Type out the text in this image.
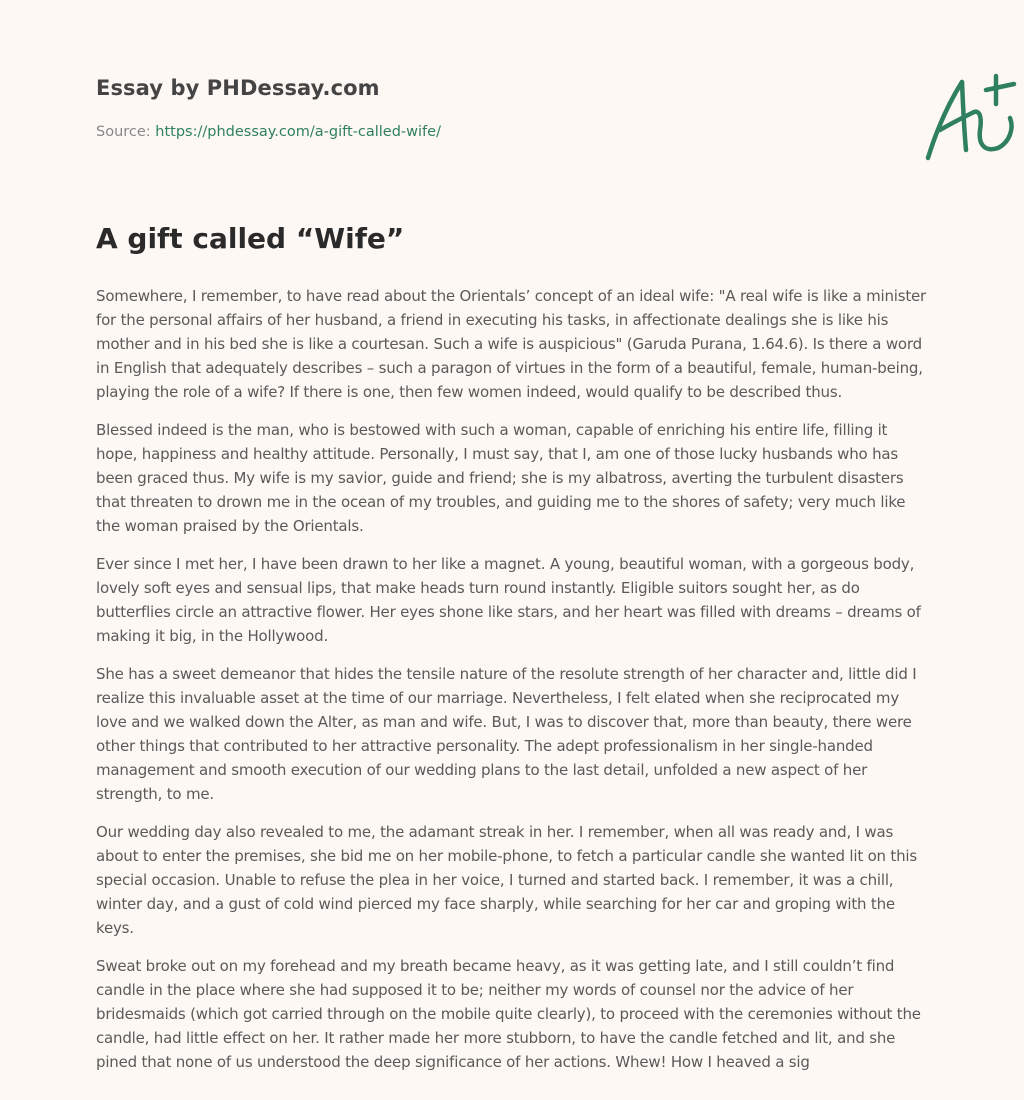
Essay by PHDessay.com
Source: https://phdessay.com/a-gift-called-wife/
A gift called “Wife”

Somewhere, I remember, to have read about the Orientals’ concept of an ideal wife: "A real wife is like a minister for the personal affairs of her husband, a friend in executing his tasks, in affectionate dealings she is like his mother and in his bed she is like a courtesan. Such a wife is auspicious" (Garuda Purana, 1.64.6). Is there a word in English that adequately describes – such a paragon of virtues in the form of a beautiful, female, human-being, playing the role of a wife? If there is one, then few women indeed, would qualify to be described thus.

Blessed indeed is the man, who is bestowed with such a woman, capable of enriching his entire life, filling it hope, happiness and healthy attitude. Personally, I must say, that I, am one of those lucky husbands who has been graced thus. My wife is my savior, guide and friend; she is my albatross, averting the turbulent disasters that threaten to drown me in the ocean of my troubles, and guiding me to the shores of safety; very much like the woman praised by the Orientals.

Ever since I met her, I have been drawn to her like a magnet. A young, beautiful woman, with a gorgeous body, lovely soft eyes and sensual lips, that make heads turn round instantly. Eligible suitors sought her, as do butterflies circle an attractive flower. Her eyes shone like stars, and her heart was filled with dreams – dreams of making it big, in the Hollywood.

She has a sweet demeanor that hides the tensile nature of the resolute strength of her character and, little did I realize this invaluable asset at the time of our marriage. Nevertheless, I felt elated when she reciprocated my love and we walked down the Alter, as man and wife. But, I was to discover that, more than beauty, there were other things that contributed to her attractive personality. The adept professionalism in her single-handed management and smooth execution of our wedding plans to the last detail, unfolded a new aspect of her strength, to me.

Our wedding day also revealed to me, the adamant streak in her. I remember, when all was ready and, I was about to enter the premises, she bid me on her mobile-phone, to fetch a particular candle she wanted lit on this special occasion. Unable to refuse the plea in her voice, I turned and started back. I remember, it was a chill, winter day, and a gust of cold wind pierced my face sharply, while searching for her car and groping with the keys.

Sweat broke out on my forehead and my breath became heavy, as it was getting late, and I still couldn’t find candle in the place where she had supposed it to be; neither my words of counsel nor the advice of her bridesmaids (which got carried through on the mobile quite clearly), to proceed with the ceremonies without the candle, had little effect on her. It rather made her more stubborn, to have the candle fetched and lit, and she pined that none of us understood the deep significance of her actions. Whew! How I heaved a sig
